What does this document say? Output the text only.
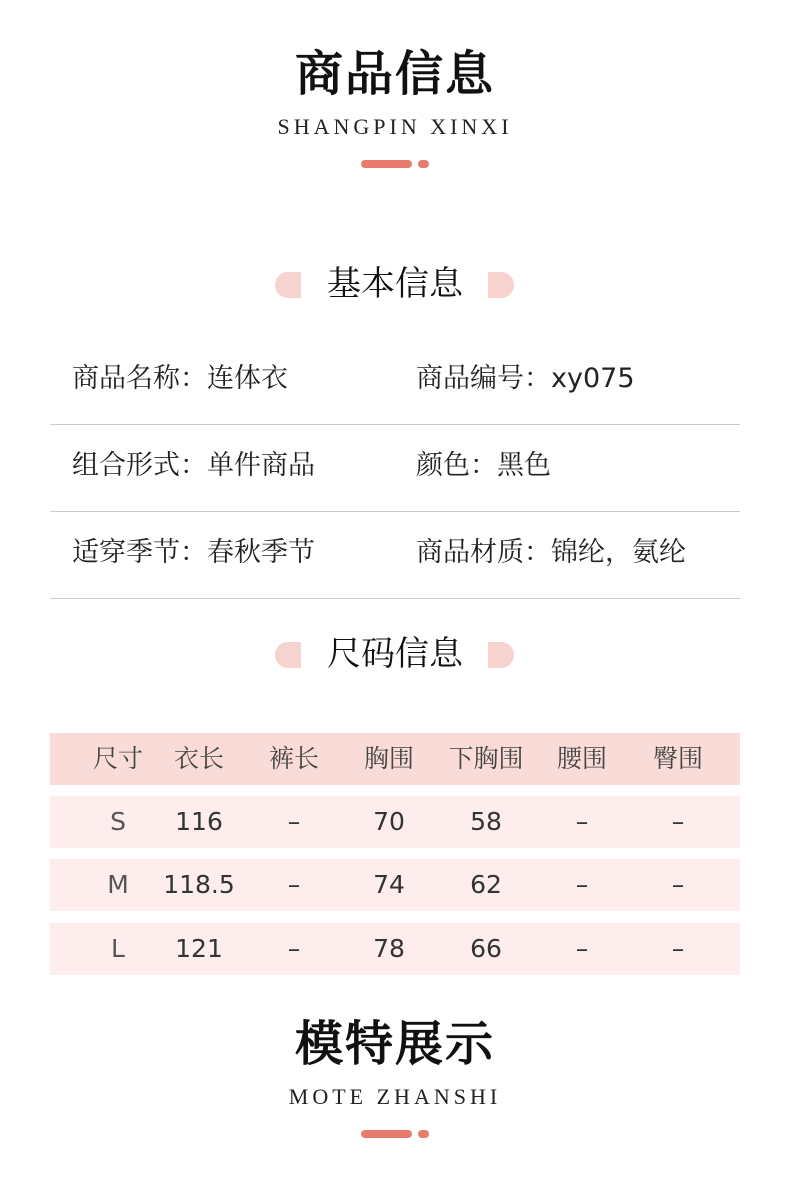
商品信息
SHANGPIN XINXI
基本信息
商品名称：连体衣	商品编号：xy075
组合形式：单件商品	颜色：黑色
适穿季节：春秋季节	商品材质：锦纶，氨纶
尺码信息
尺寸	衣长	裤长	胸围	下胸围	腰围	臀围
S	116	–	70	58	–	–
M	118.5	–	74	62	–	–
L	121	–	78	66	–	–
模特展示
MOTE ZHANSHI
